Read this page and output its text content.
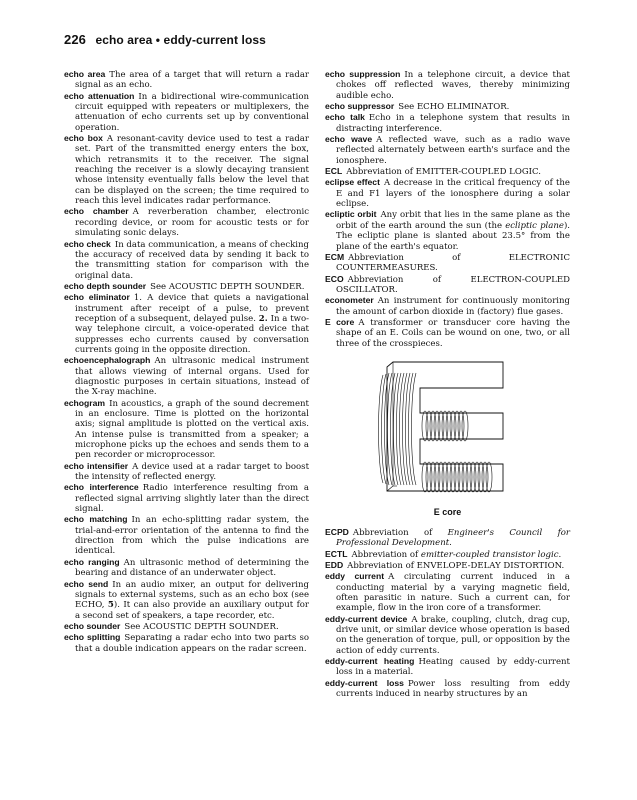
226 echo area • eddy-current loss

echo area The area of a target that will return a radar signal as an echo.

echo attenuation In a bidirectional wire-communication circuit equipped with repeaters or multiplexers, the attenuation of echo currents set up by conventional operation.

echo box A resonant-cavity device used to test a radar set. Part of the transmitted energy enters the box, which retransmits it to the receiver. The signal reaching the receiver is a slowly decaying transient whose intensity eventually falls below the level that can be displayed on the screen; the time required to reach this level indicates radar performance.

echo chamber A reverberation chamber, electronic recording device, or room for acoustic tests or for simulating sonic delays.

echo check In data communication, a means of checking the accuracy of received data by sending it back to the transmitting station for comparison with the original data.

echo depth sounder See ACOUSTIC DEPTH SOUNDER.

echo eliminator 1. A device that quiets a navigational instrument after receipt of a pulse, to prevent reception of a subsequent, delayed pulse. 2. In a two-way telephone circuit, a voice-operated device that suppresses echo currents caused by conversation currents going in the opposite direction.

echoencephalograph An ultrasonic medical instrument that allows viewing of internal organs. Used for diagnostic purposes in certain situations, instead of the X-ray machine.

echogram In acoustics, a graph of the sound decrement in an enclosure. Time is plotted on the horizontal axis; signal amplitude is plotted on the vertical axis. An intense pulse is transmitted from a speaker; a microphone picks up the echoes and sends them to a pen recorder or microprocessor.

echo intensifier A device used at a radar target to boost the intensity of reflected energy.

echo interference Radio interference resulting from a reflected signal arriving slightly later than the direct signal.

echo matching In an echo-splitting radar system, the trial-and-error orientation of the antenna to find the direction from which the pulse indications are identical.

echo ranging An ultrasonic method of determining the bearing and distance of an underwater object.

echo send In an audio mixer, an output for delivering signals to external systems, such as an echo box (see ECHO, 5). It can also provide an auxiliary output for a second set of speakers, a tape recorder, etc.

echo sounder See ACOUSTIC DEPTH SOUNDER.

echo splitting Separating a radar echo into two parts so that a double indication appears on the radar screen.

echo suppression In a telephone circuit, a device that chokes off reflected waves, thereby minimizing audible echo.

echo suppressor See ECHO ELIMINATOR.

echo talk Echo in a telephone system that results in distracting interference.

echo wave A reflected wave, such as a radio wave reflected alternately between earth's surface and the ionosphere.

ECL Abbreviation of EMITTER-COUPLED LOGIC.

eclipse effect A decrease in the critical frequency of the E and F1 layers of the ionosphere during a solar eclipse.

ecliptic orbit Any orbit that lies in the same plane as the orbit of the earth around the sun (the ecliptic plane). The ecliptic plane is slanted about 23.5° from the plane of the earth's equator.

ECM Abbreviation of ELECTRONIC COUNTERMEASURES.

ECO Abbreviation of ELECTRON-COUPLED OSCILLATOR.

econometer An instrument for continuously monitoring the amount of carbon dioxide in (factory) flue gases.

E core A transformer or transducer core having the shape of an E. Coils can be wound on one, two, or all three of the crosspieces.

E core

ECPD Abbreviation of Engineer's Council for Professional Development.

ECTL Abbreviation of emitter-coupled transistor logic.

EDD Abbreviation of ENVELOPE-DELAY DISTORTION.

eddy current A circulating current induced in a conducting material by a varying magnetic field, often parasitic in nature. Such a current can, for example, flow in the iron core of a transformer.

eddy-current device A brake, coupling, clutch, drag cup, drive unit, or similar device whose operation is based on the generation of torque, pull, or opposition by the action of eddy currents.

eddy-current heating Heating caused by eddy-current loss in a material.

eddy-current loss Power loss resulting from eddy currents induced in nearby structures by an
